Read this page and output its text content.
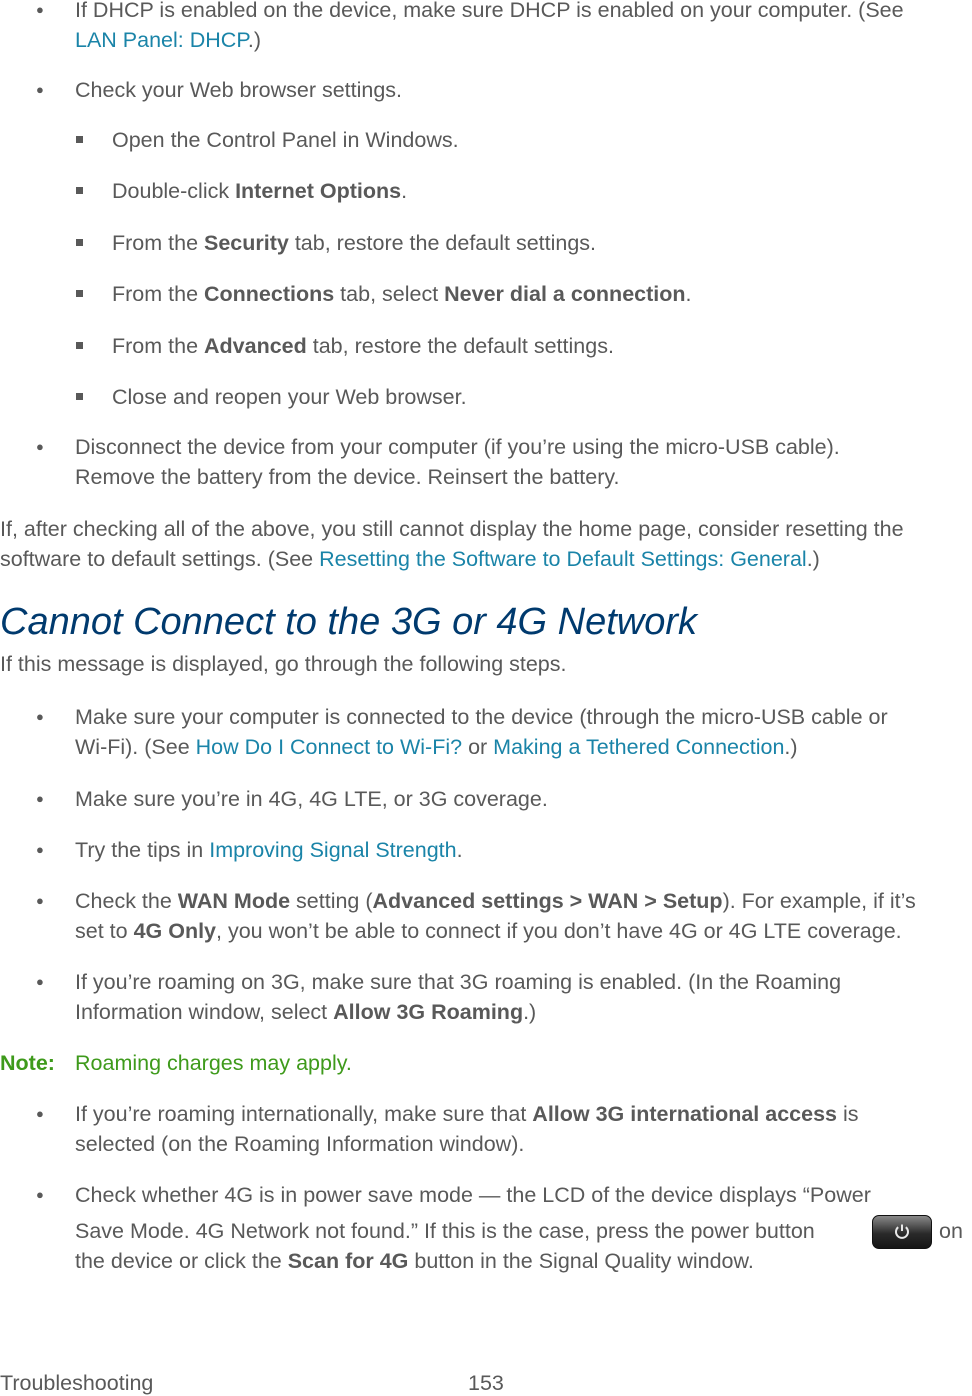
● If DHCP is enabled on the device, make sure DHCP is enabled on your computer. (See
LAN Panel: DHCP.)
● Check your Web browser settings.
Open the Control Panel in Windows.
Double-click Internet Options.
From the Security tab, restore the default settings.
From the Connections tab, select Never dial a connection.
From the Advanced tab, restore the default settings.
Close and reopen your Web browser.
● Disconnect the device from your computer (if you’re using the micro-USB cable).
Remove the battery from the device. Reinsert the battery.
If, after checking all of the above, you still cannot display the home page, consider resetting the
software to default settings. (See Resetting the Software to Default Settings: General.)
Cannot Connect to the 3G or 4G Network
If this message is displayed, go through the following steps.
● Make sure your computer is connected to the device (through the micro-USB cable or
Wi-Fi). (See How Do I Connect to Wi-Fi? or Making a Tethered Connection.)
● Make sure you’re in 4G, 4G LTE, or 3G coverage.
● Try the tips in Improving Signal Strength.
● Check the WAN Mode setting (Advanced settings > WAN > Setup). For example, if it’s
set to 4G Only, you won’t be able to connect if you don’t have 4G or 4G LTE coverage.
● If you’re roaming on 3G, make sure that 3G roaming is enabled. (In the Roaming
Information window, select Allow 3G Roaming.)
Note: Roaming charges may apply.
● If you’re roaming internationally, make sure that Allow 3G international access is
selected (on the Roaming Information window).
● Check whether 4G is in power save mode — the LCD of the device displays “Power
Save Mode. 4G Network not found.” If this is the case, press the power button	on
the device or click the Scan for 4G button in the Signal Quality window.
Troubleshooting	153
